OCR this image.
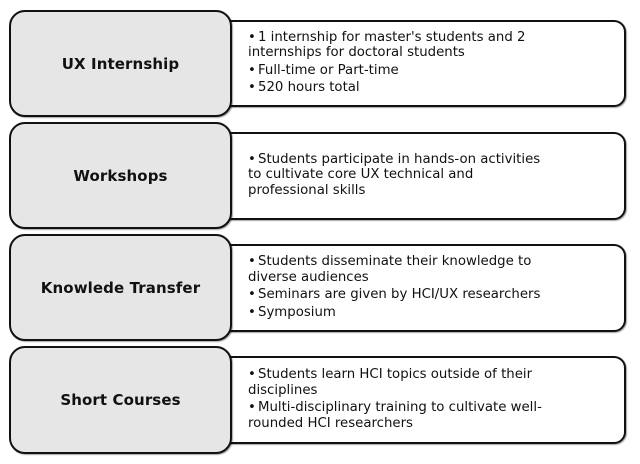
UX Internship
• 1 internship for master's students and 2
internships for doctoral students
• Full-time or Part-time
• 520 hours total
Workshops
• Students participate in hands-on activities
to cultivate core UX technical and
professional skills
Knowlede Transfer
• Students disseminate their knowledge to
diverse audiences
• Seminars are given by HCI/UX researchers
• Symposium
Short Courses
• Students learn HCI topics outside of their
disciplines
• Multi-disciplinary training to cultivate well-
rounded HCI researchers
